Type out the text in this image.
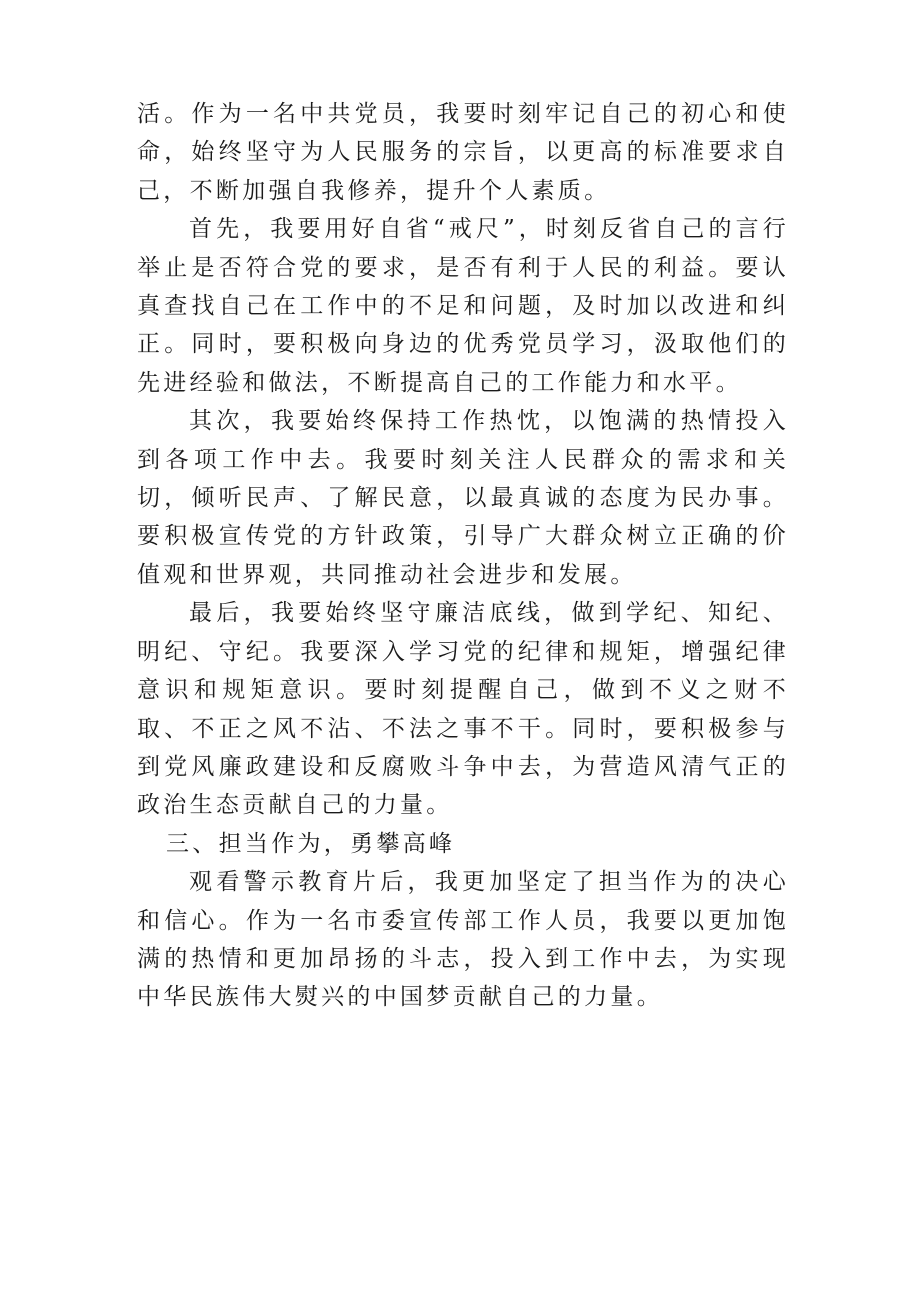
活。作为一名中共党员，我要时刻牢记自己的初心和使命，始终坚守为人民服务的宗旨，以更高的标准要求自己，不断加强自我修养，提升个人素质。

首先，我要用好自省“戒尺”，时刻反省自己的言行举止是否符合党的要求，是否有利于人民的利益。要认真查找自己在工作中的不足和问题，及时加以改进和纠正。同时，要积极向身边的优秀党员学习，汲取他们的先进经验和做法，不断提高自己的工作能力和水平。

其次，我要始终保持工作热忱，以饱满的热情投入到各项工作中去。我要时刻关注人民群众的需求和关切，倾听民声、了解民意，以最真诚的态度为民办事。要积极宣传党的方针政策，引导广大群众树立正确的价值观和世界观，共同推动社会进步和发展。

最后，我要始终坚守廉洁底线，做到学纪、知纪、明纪、守纪。我要深入学习党的纪律和规矩，增强纪律意识和规矩意识。要时刻提醒自己，做到不义之财不取、不正之风不沾、不法之事不干。同时，要积极参与到党风廉政建设和反腐败斗争中去，为营造风清气正的政治生态贡献自己的力量。

三、担当作为，勇攀高峰

观看警示教育片后，我更加坚定了担当作为的决心和信心。作为一名市委宣传部工作人员，我要以更加饱满的热情和更加昂扬的斗志，投入到工作中去，为实现中华民族伟大熨兴的中国梦贡献自己的力量。
